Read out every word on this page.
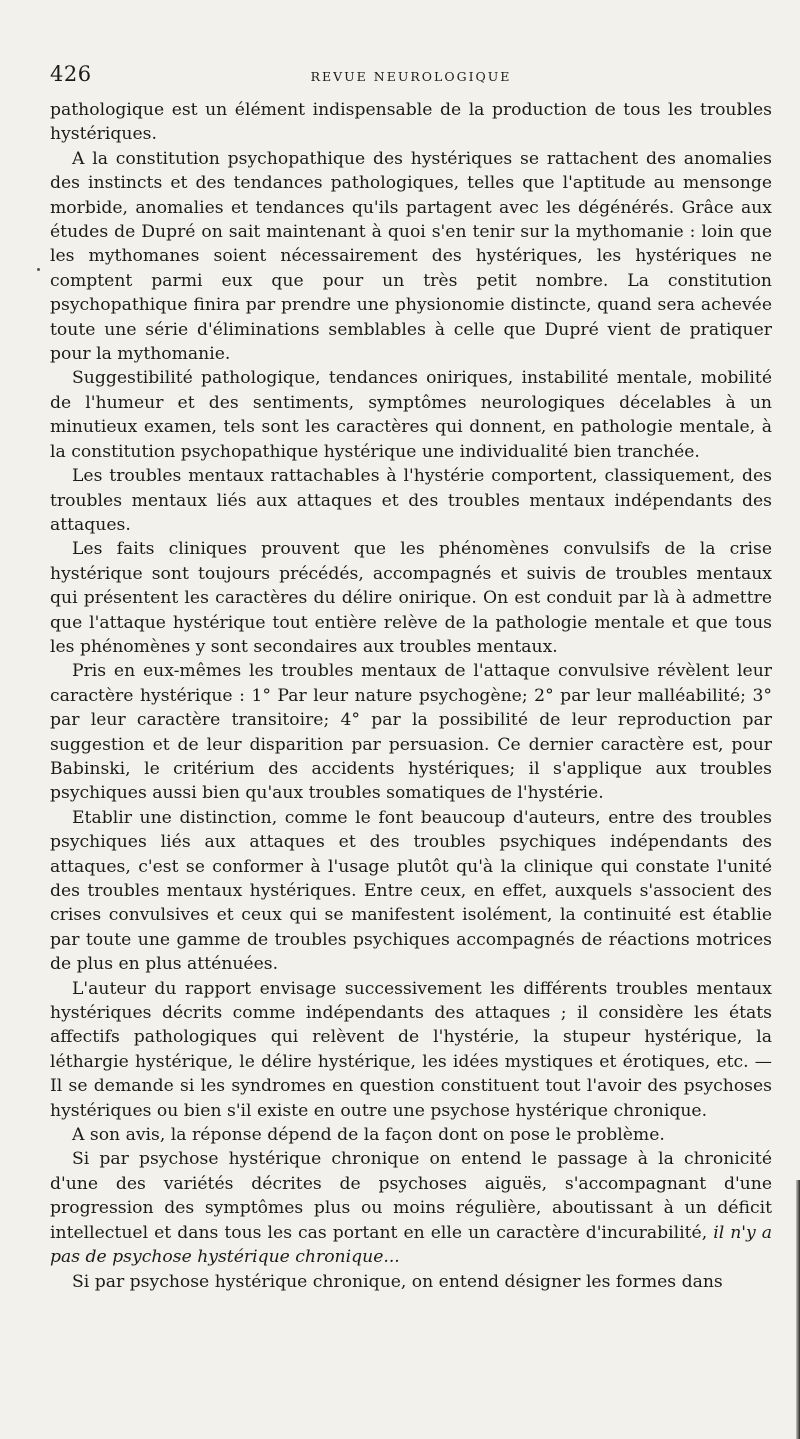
426	REVUE NEUROLOGIQUE

pathologique est un élément indispensable de la production de tous les troubles hystériques.

A la constitution psychopathique des hystériques se rattachent des anomalies des instincts et des tendances pathologiques, telles que l'aptitude au mensonge morbide, anomalies et tendances qu'ils partagent avec les dégénérés. Grâce aux études de Dupré on sait maintenant à quoi s'en tenir sur la mythomanie : loin que les mythomanes soient nécessairement des hystériques, les hystériques ne comptent parmi eux que pour un très petit nombre. La constitution psychopathique finira par prendre une physionomie distincte, quand sera achevée toute une série d'éliminations semblables à celle que Dupré vient de pratiquer pour la mythomanie.

Suggestibilité pathologique, tendances oniriques, instabilité mentale, mobilité de l'humeur et des sentiments, symptômes neurologiques décelables à un minutieux examen, tels sont les caractères qui donnent, en pathologie mentale, à la constitution psychopathique hystérique une individualité bien tranchée.

Les troubles mentaux rattachables à l'hystérie comportent, classiquement, des troubles mentaux liés aux attaques et des troubles mentaux indépendants des attaques.

Les faits cliniques prouvent que les phénomènes convulsifs de la crise hystérique sont toujours précédés, accompagnés et suivis de troubles mentaux qui présentent les caractères du délire onirique. On est conduit par là à admettre que l'attaque hystérique tout entière relève de la pathologie mentale et que tous les phénomènes y sont secondaires aux troubles mentaux.

Pris en eux-mêmes les troubles mentaux de l'attaque convulsive révèlent leur caractère hystérique : 1° Par leur nature psychogène; 2° par leur malléabilité; 3° par leur caractère transitoire; 4° par la possibilité de leur reproduction par suggestion et de leur disparition par persuasion. Ce dernier caractère est, pour Babinski, le critérium des accidents hystériques; il s'applique aux troubles psychiques aussi bien qu'aux troubles somatiques de l'hystérie.

Etablir une distinction, comme le font beaucoup d'auteurs, entre des troubles psychiques liés aux attaques et des troubles psychiques indépendants des attaques, c'est se conformer à l'usage plutôt qu'à la clinique qui constate l'unité des troubles mentaux hystériques. Entre ceux, en effet, auxquels s'associent des crises convulsives et ceux qui se manifestent isolément, la continuité est établie par toute une gamme de troubles psychiques accompagnés de réactions motrices de plus en plus atténuées.

L'auteur du rapport envisage successivement les différents troubles mentaux hystériques décrits comme indépendants des attaques ; il considère les états affectifs pathologiques qui relèvent de l'hystérie, la stupeur hystérique, la léthargie hystérique, le délire hystérique, les idées mystiques et érotiques, etc. — Il se demande si les syndromes en question constituent tout l'avoir des psychoses hystériques ou bien s'il existe en outre une psychose hystérique chronique.

A son avis, la réponse dépend de la façon dont on pose le problème.

Si par psychose hystérique chronique on entend le passage à la chronicité d'une des variétés décrites de psychoses aiguës, s'accompagnant d'une progression des symptômes plus ou moins régulière, aboutissant à un déficit intellectuel et dans tous les cas portant en elle un caractère d'incurabilité, il n'y a pas de psychose hystérique chronique...

Si par psychose hystérique chronique, on entend désigner les formes dans
